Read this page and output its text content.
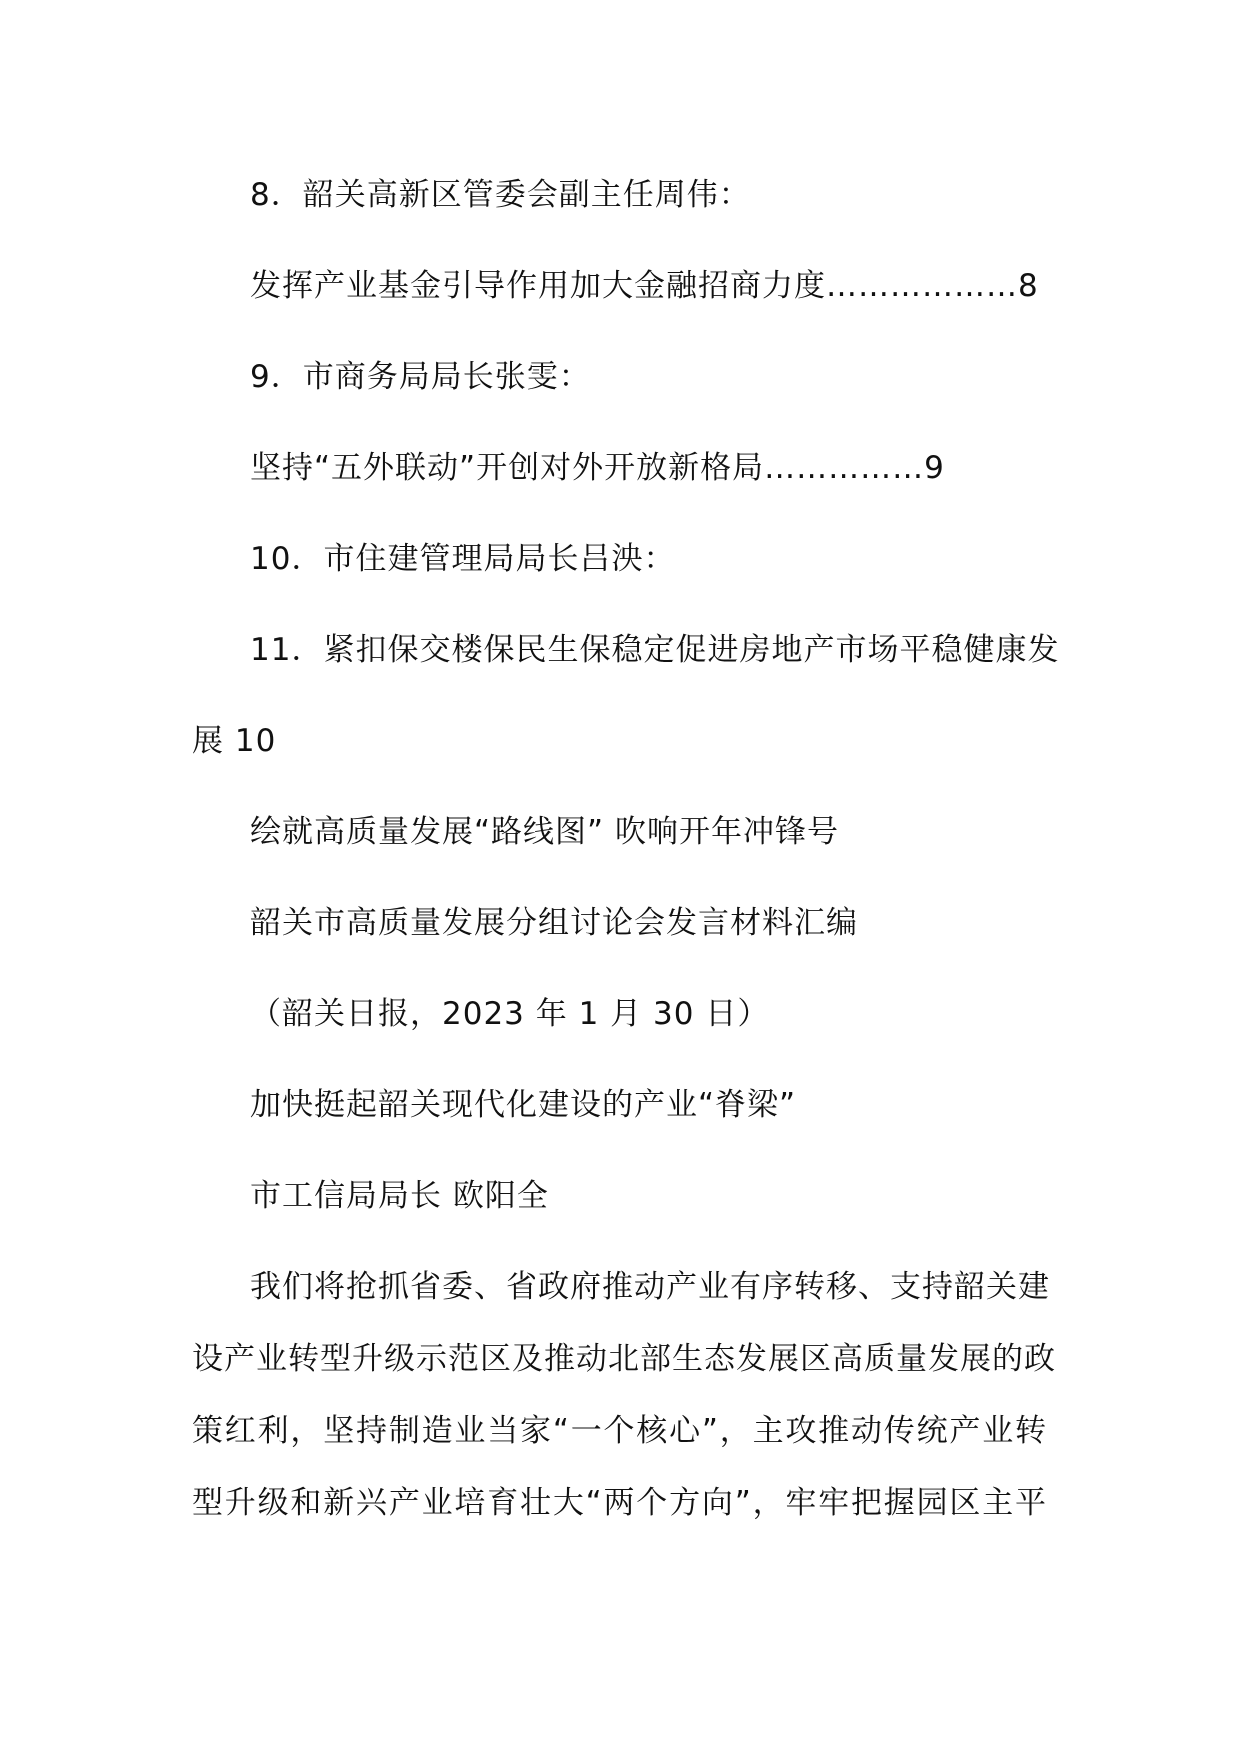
8．韶关高新区管委会副主任周伟：
发挥产业基金引导作用加大金融招商力度………………8
9．市商务局局长张雯：
坚持“五外联动”开创对外开放新格局……………9
10．市住建管理局局长吕泱：
11．紧扣保交楼保民生保稳定促进房地产市场平稳健康发
展 10
绘就高质量发展“路线图” 吹响开年冲锋号
韶关市高质量发展分组讨论会发言材料汇编
（韶关日报，2023 年 1 月 30 日）
加快挺起韶关现代化建设的产业“脊梁”
市工信局局长 欧阳全
我们将抢抓省委、省政府推动产业有序转移、支持韶关建
设产业转型升级示范区及推动北部生态发展区高质量发展的政
策红利，坚持制造业当家“一个核心”，主攻推动传统产业转
型升级和新兴产业培育壮大“两个方向”，牢牢把握园区主平
